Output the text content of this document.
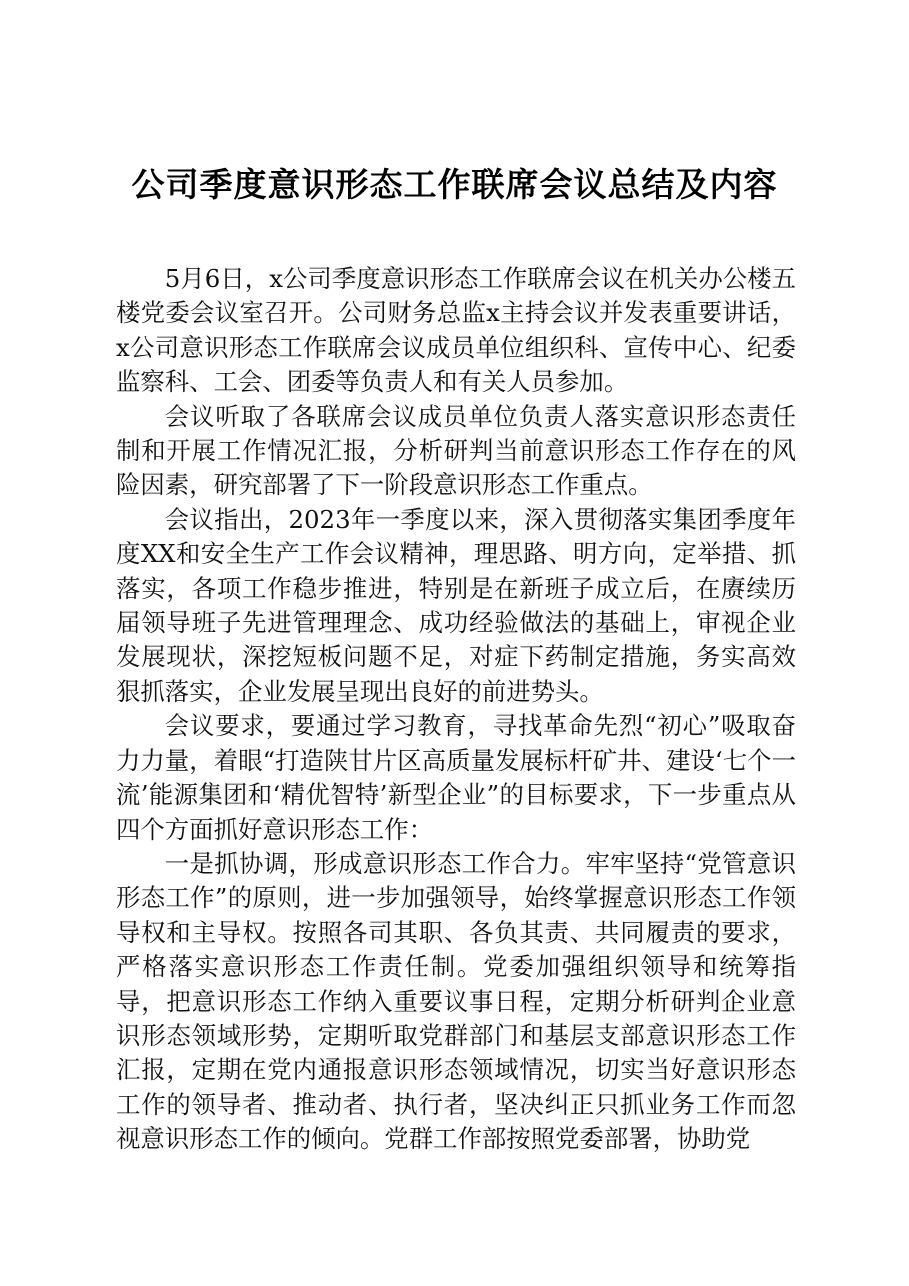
公司季度意识形态工作联席会议总结及内容

5月6日，x公司季度意识形态工作联席会议在机关办公楼五楼党委会议室召开。公司财务总监x主持会议并发表重要讲话，x公司意识形态工作联席会议成员单位组织科、宣传中心、纪委监察科、工会、团委等负责人和有关人员参加。

会议听取了各联席会议成员单位负责人落实意识形态责任制和开展工作情况汇报，分析研判当前意识形态工作存在的风险因素，研究部署了下一阶段意识形态工作重点。

会议指出，2023年一季度以来，深入贯彻落实集团季度年度XX和安全生产工作会议精神，理思路、明方向，定举措、抓落实，各项工作稳步推进，特别是在新班子成立后，在赓续历届领导班子先进管理理念、成功经验做法的基础上，审视企业发展现状，深挖短板问题不足，对症下药制定措施，务实高效狠抓落实，企业发展呈现出良好的前进势头。

会议要求，要通过学习教育，寻找革命先烈“初心”吸取奋力力量，着眼“打造陕甘片区高质量发展标杆矿井、建设‘七个一流’能源集团和‘精优智特’新型企业”的目标要求，下一步重点从四个方面抓好意识形态工作：

一是抓协调，形成意识形态工作合力。牢牢坚持“党管意识形态工作”的原则，进一步加强领导，始终掌握意识形态工作领导权和主导权。按照各司其职、各负其责、共同履责的要求，严格落实意识形态工作责任制。党委加强组织领导和统筹指导，把意识形态工作纳入重要议事日程，定期分析研判企业意识形态领域形势，定期听取党群部门和基层支部意识形态工作汇报，定期在党内通报意识形态领域情况，切实当好意识形态工作的领导者、推动者、执行者，坚决纠正只抓业务工作而忽视意识形态工作的倾向。党群工作部按照党委部署，协助党
